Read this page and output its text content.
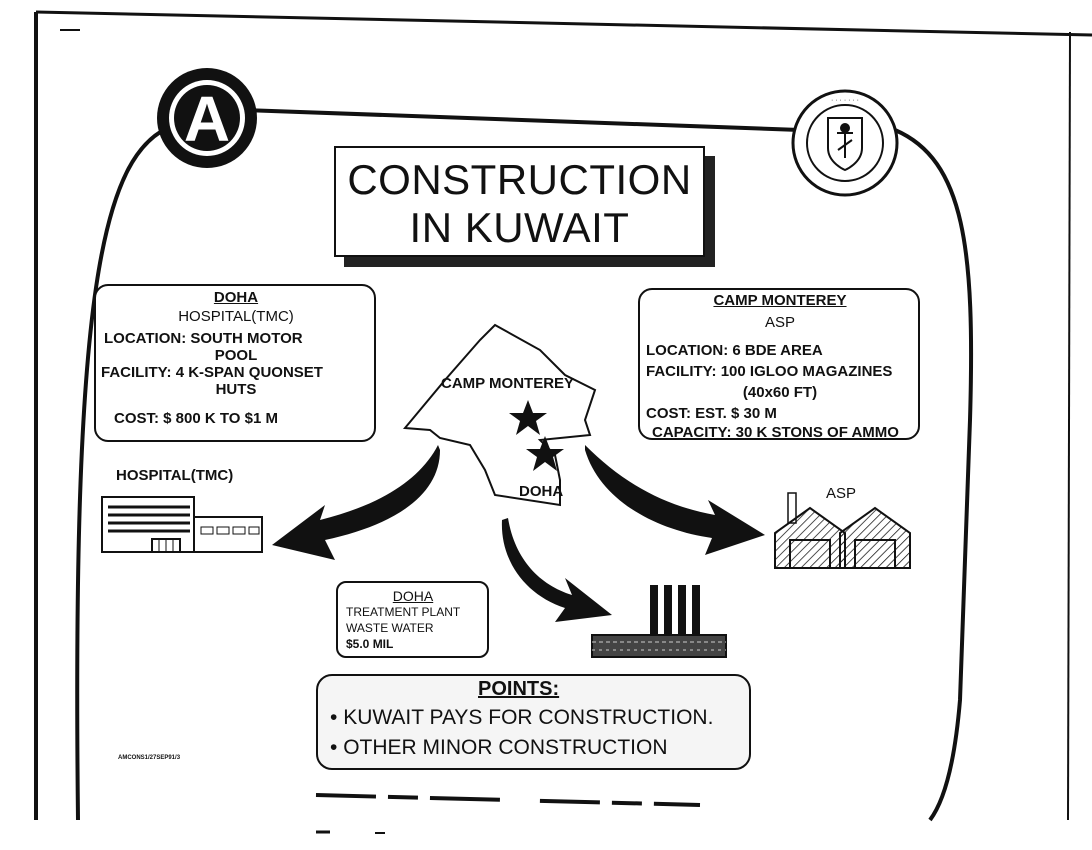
A	· · · · · · ·
CONSTRUCTION
IN KUWAIT
DOHA
HOSPITAL(TMC)
LOCATION: SOUTH MOTOR
POOL
FACILITY: 4 K-SPAN QUONSET
HUTS
COST: $ 800 K TO $1 M
CAMP MONTEREY
ASP
LOCATION: 6 BDE AREA
FACILITY: 100 IGLOO MAGAZINES
(40x60 FT)
COST: EST. $ 30 M
CAPACITY: 30 K STONS OF AMMO
CAMP MONTEREY
DOHA
HOSPITAL(TMC)
ASP
DOHA
TREATMENT PLANT
WASTE WATER
$5.0 MIL
POINTS:
• KUWAIT PAYS FOR CONSTRUCTION.
• OTHER MINOR CONSTRUCTION
AMCONS1/27SEP91/3
